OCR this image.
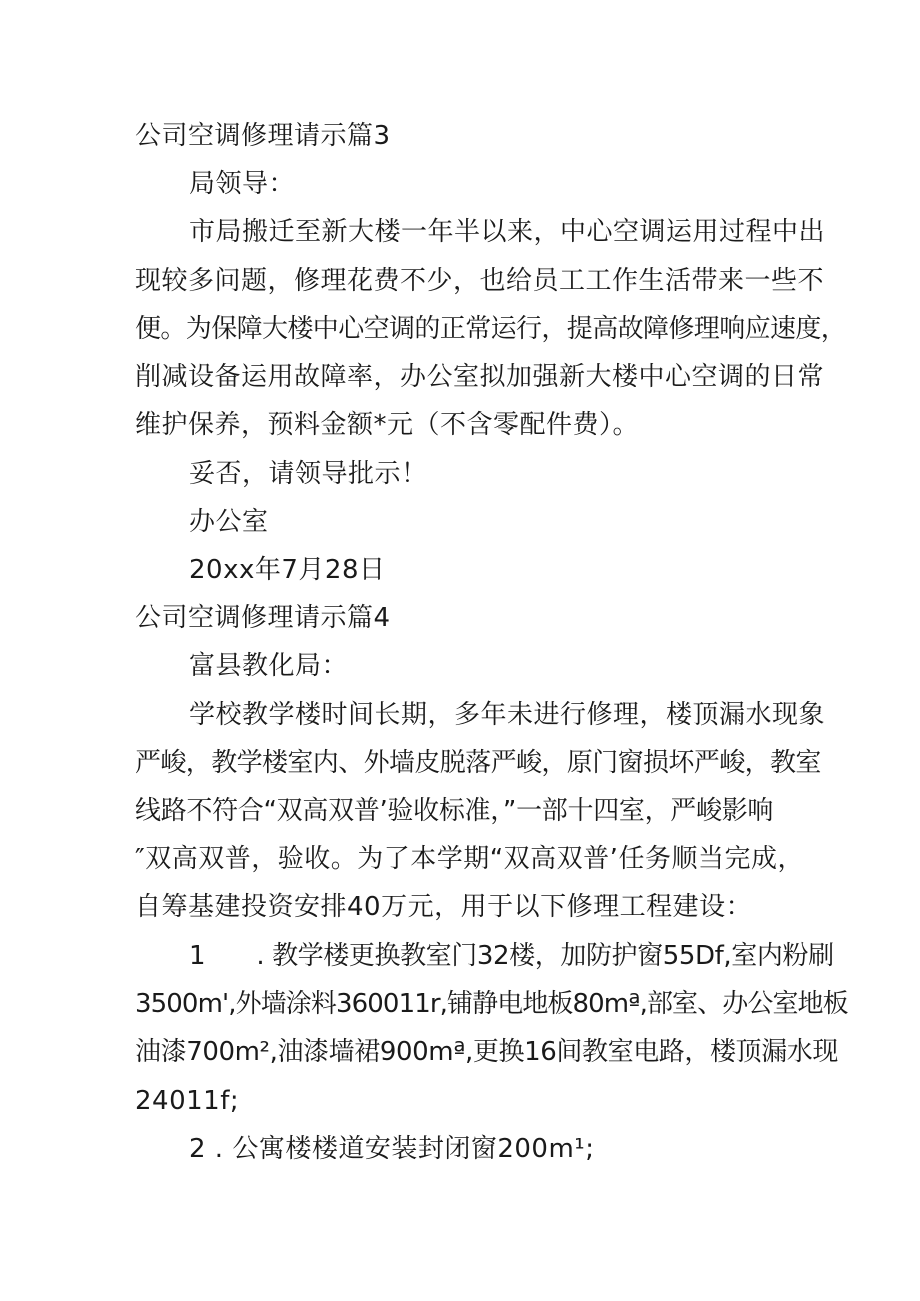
公司空调修理请示篇3
局领导：
市局搬迁至新大楼一年半以来，中心空调运用过程中出
现较多问题，修理花费不少，也给员工工作生活带来一些不
便。为保障大楼中心空调的正常运行，提高故障修理响应速度，
削减设备运用故障率，办公室拟加强新大楼中心空调的日常
维护保养，预料金额*元（不含零配件费）。
妥否，请领导批示！
办公室
20xx年7月28日
公司空调修理请示篇4
富县教化局：
学校教学楼时间长期，多年未进行修理，楼顶漏水现象
严峻，教学楼室内、外墙皮脱落严峻，原门窗损坏严峻，教室
线路不符合“双高双普’验收标准，”一部十四室，严峻影响
″双高双普，验收。为了本学期“双高双普’任务顺当完成，
自筹基建投资安排40万元，用于以下修理工程建设：
1　　. 教学楼更换教室门32楼，加防护窗55Df,室内粉刷
3500m',外墙涂料360011r,铺静电地板80mª,部室、办公室地板
油漆700m²,油漆墙裙900mª,更换16间教室电路，楼顶漏水现
24011f;
2 . 公寓楼楼道安装封闭窗200m¹;
